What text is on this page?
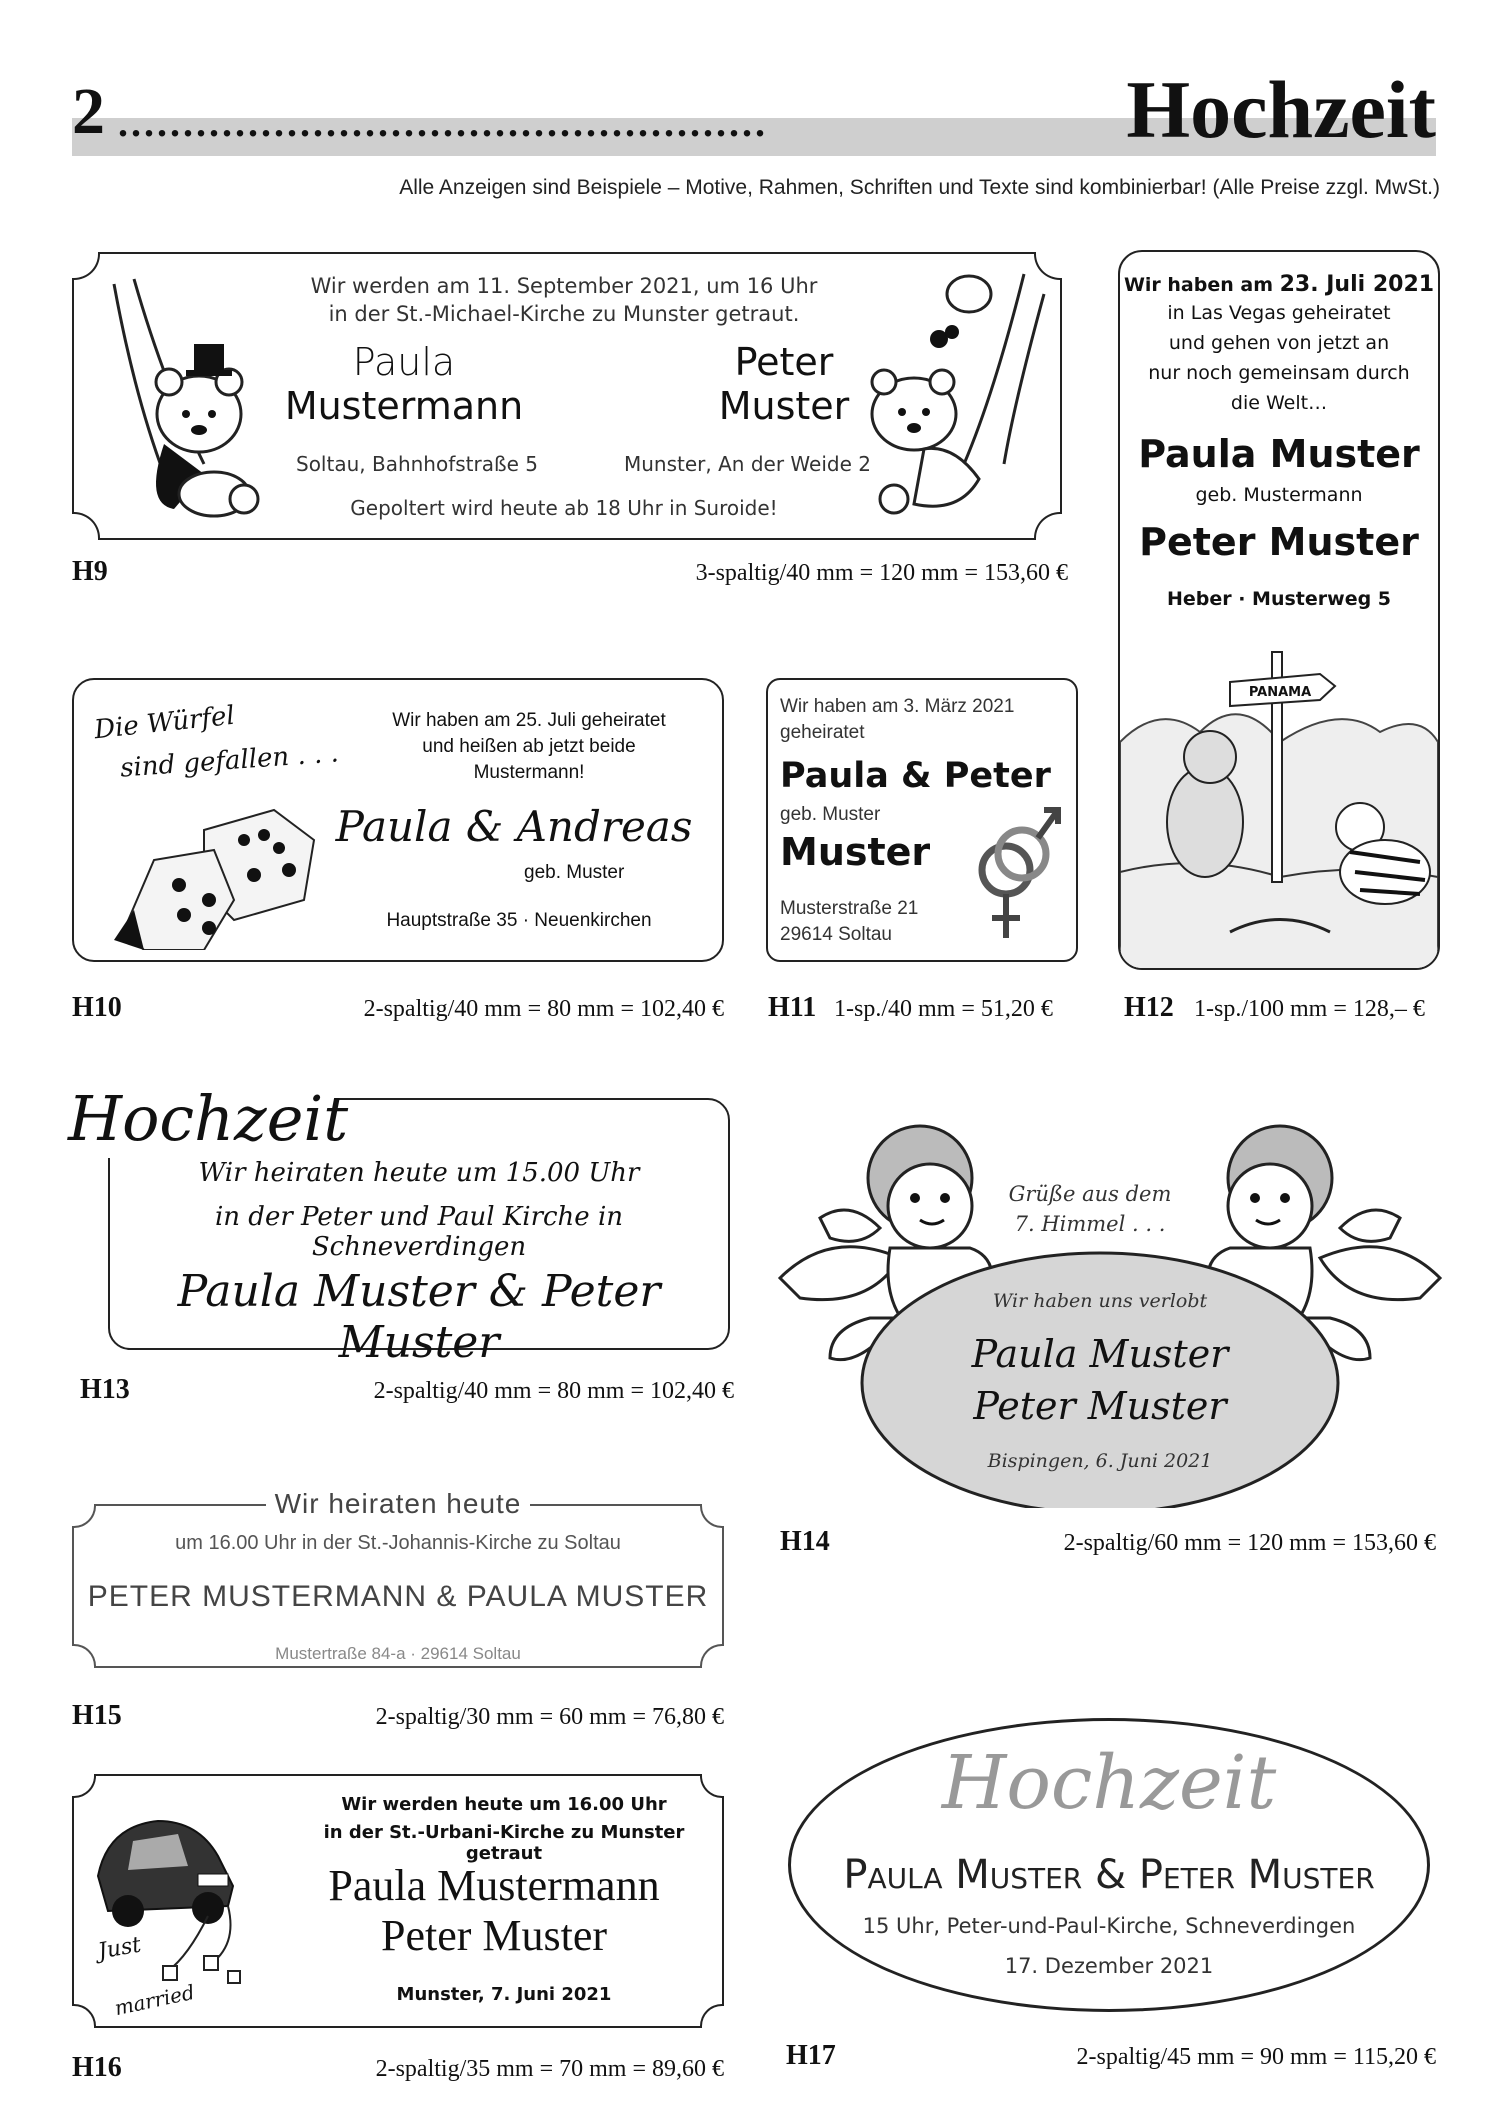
2 ..................................................	Hochzeit
Alle Anzeigen sind Beispiele – Motive, Rahmen, Schriften und Texte sind kombinierbar! (Alle Preise zzgl. MwSt.)
Wir werden am 11. September 2021, um 16 Uhr
in der St.-Michael-Kirche zu Munster getraut.
Paula
Mustermann
Peter
Muster
Soltau, Bahnhofstraße 5	Munster, An der Weide 2
Gepoltert wird heute ab 18 Uhr in Suroide!
H9	3-spaltig/40 mm = 120 mm = 153,60 €
Wir haben am 23. Juli 2021
in Las Vegas geheiratet
und gehen von jetzt an
nur noch gemeinsam durch
die Welt…
Paula Muster
geb. Mustermann
Peter Muster
Heber · Musterweg 5
PANAMA
H12 1-sp./100 mm = 128,– €
Die Würfel
sind gefallen . . .
Wir haben am 25. Juli geheiratet
und heißen ab jetzt beide
Mustermann!
Paula & Andreas
geb. Muster
Hauptstraße 35 · Neuenkirchen
H10	2-spaltig/40 mm = 80 mm = 102,40 €
Wir haben am 3. März 2021
geheiratet
Paula & Peter
geb. Muster
Muster
Musterstraße 21
29614 Soltau
H11 1-sp./40 mm = 51,20 €
Hochzeit
Wir heiraten heute um 15.00 Uhr
in der Peter und Paul Kirche in Schneverdingen
Paula Muster & Peter Muster
H13	2-spaltig/40 mm = 80 mm = 102,40 €
Grüße aus dem
7. Himmel . . .
Wir haben uns verlobt
Paula Muster
Peter Muster
Bispingen, 6. Juni 2021
H14	2-spaltig/60 mm = 120 mm = 153,60 €
Wir heiraten heute
um 16.00 Uhr in der St.-Johannis-Kirche zu Soltau
PETER MUSTERMANN & PAULA MUSTER
Mustertraße 84-a · 29614 Soltau
H15	2-spaltig/30 mm = 60 mm = 76,80 €
Just
married
Wir werden heute um 16.00 Uhr
in der St.-Urbani-Kirche zu Munster getraut
Paula Mustermann
Peter Muster
Munster, 7. Juni 2021
H16	2-spaltig/35 mm = 70 mm = 89,60 €
Hochzeit
Paula Muster & Peter Muster
15 Uhr, Peter-und-Paul-Kirche, Schneverdingen
17. Dezember 2021
H17	2-spaltig/45 mm = 90 mm = 115,20 €
